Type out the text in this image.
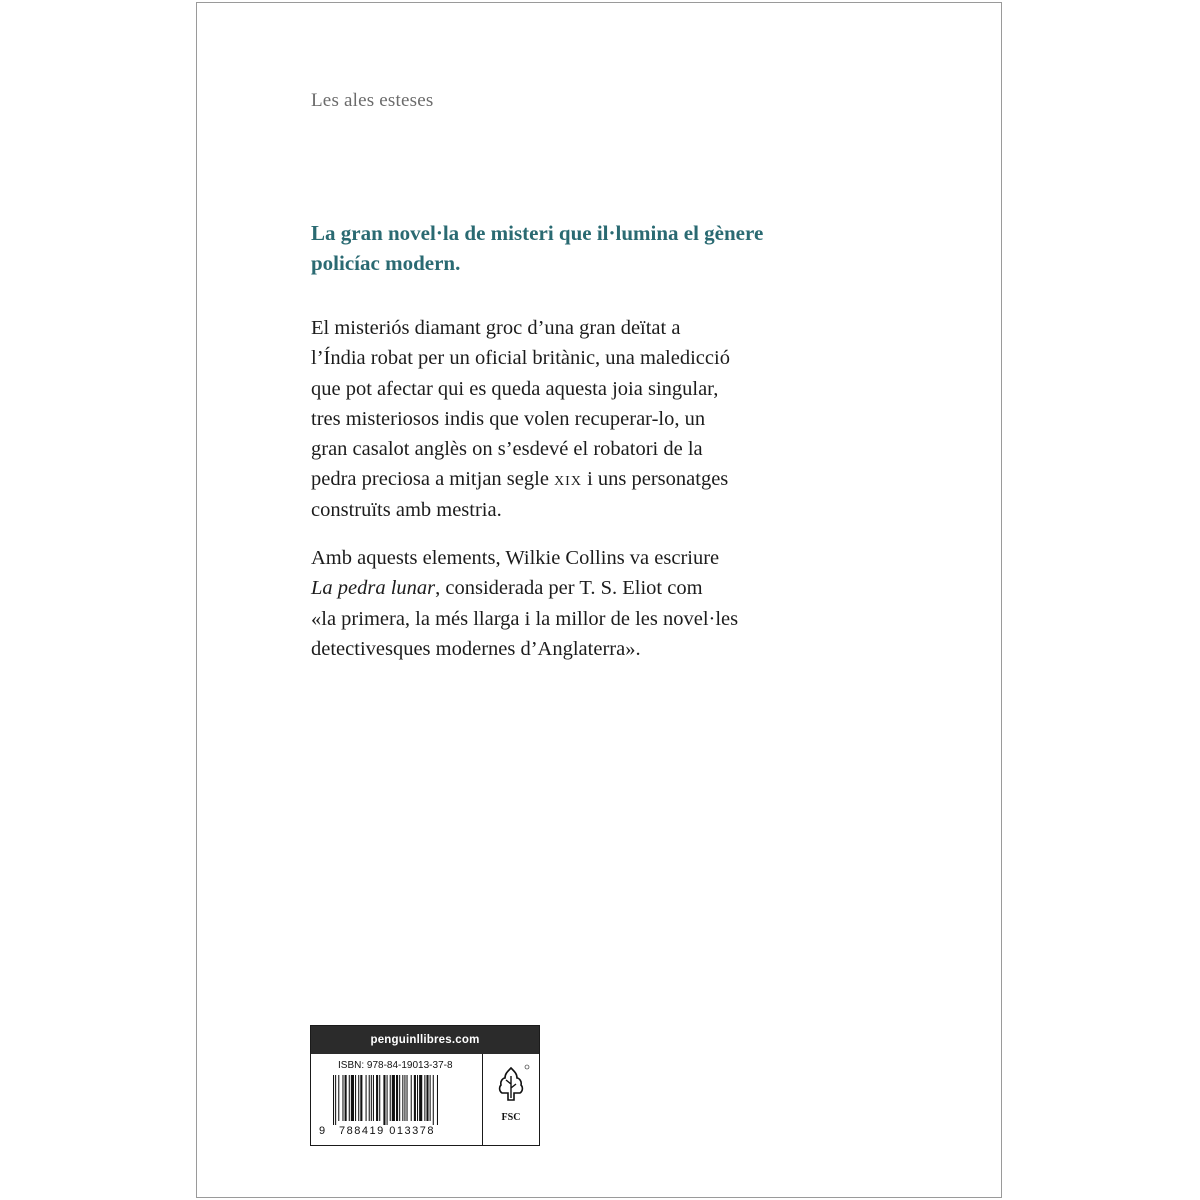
Les ales esteses
La gran novel·la de misteri que il·lumina el gènere
policíac modern.

El misteriós diamant groc d’una gran deïtat a
l’Índia robat per un oficial britànic, una maledicció
que pot afectar qui es queda aquesta joia singular,
tres misteriosos indis que volen recuperar-lo, un
gran casalot anglès on s’esdevé el robatori de la
pedra preciosa a mitjan segle xix i uns personatges
construïts amb mestria.

Amb aquests elements, Wilkie Collins va escriure
La pedra lunar, considerada per T. S. Eliot com
«la primera, la més llarga i la millor de les novel·les
detectivesques modernes d’Anglaterra».

penguinllibres.com
ISBN: 978-84-19013-37-8
9 788419 013378
FSC
